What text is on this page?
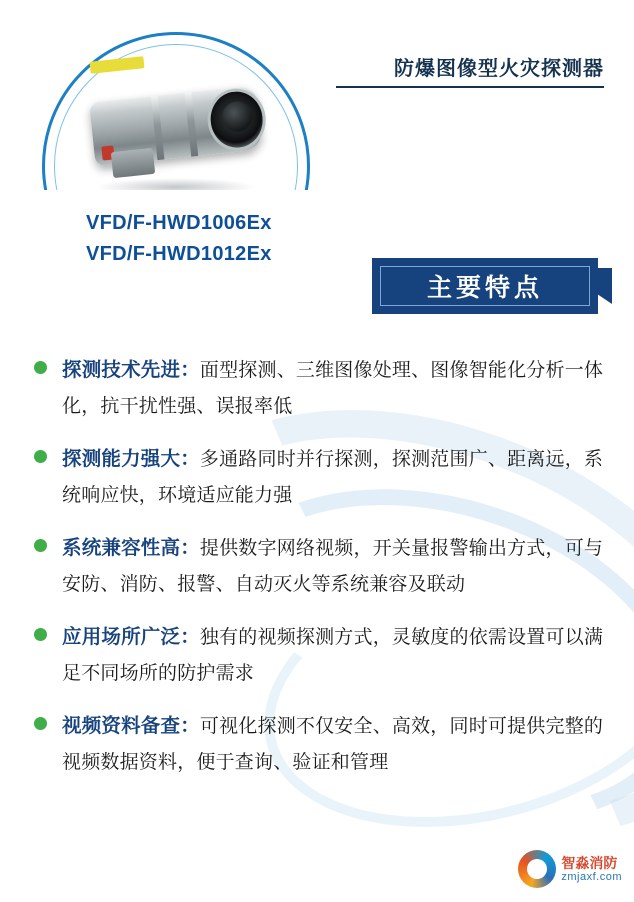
VFD/F-HWD1006Ex
VFD/F-HWD1012Ex
防爆图像型火灾探测器
主要特点
探测技术先进：面型探测、三维图像处理、图像智能化分析一体化，抗干扰性强、误报率低
探测能力强大：多通路同时并行探测，探测范围广、距离远，系统响应快，环境适应能力强
系统兼容性高：提供数字网络视频，开关量报警输出方式，可与安防、消防、报警、自动灭火等系统兼容及联动
应用场所广泛：独有的视频探测方式，灵敏度的依需设置可以满足不同场所的防护需求
视频资料备查：可视化探测不仅安全、高效，同时可提供完整的视频数据资料，便于查询、验证和管理
智淼消防
zmjaxf.com
